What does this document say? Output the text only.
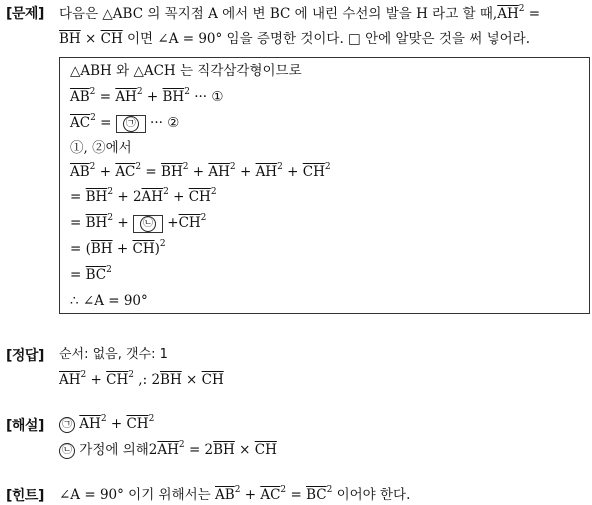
[문제] 다음은 △ABC 의 꼭지점 A 에서 변 BC 에 내린 수선의 발을 H 라고 할 때$,\overline{AH}^2$ =
$\overline{BH} \times \overline{CH}$ 이면 ∠A = 90° 임을 증명한 것이다. □ 안에 알맞은 것을 써 넣어라.
△ABH 와 △ACH 는 직각삼각형이므로
$\overline{AB}^2 = \overline{AH}^2 + \overline{BH}^2$ ··· ①
$\overline{AC}^2$ = ㉠ ··· ②
①, ②에서
$\overline{AB}^2 + \overline{AC}^2 = \overline{BH}^2 + \overline{AH}^2 + \overline{AH}^2 + \overline{CH}^2$
= $\overline{BH}^2 + 2\overline{AH}^2 + \overline{CH}^2$
= $\overline{BH}^2$ + ㉡ $+\overline{CH}^2$
= $(\overline{BH} + \overline{CH})^2$
= $\overline{BC}^2$
∴ ∠A = 90°
[정답] 순서: 없음, 갯수: 1
$\overline{AH}^2 + \overline{CH}^2$ ,: $2\overline{BH} \times \overline{CH}$
[해설]	㉠ $\overline{AH}^2 + \overline{CH}^2$
㉡ 가정에 의해$2\overline{AH}^2 = 2\overline{BH} \times \overline{CH}$
[힌트] ∠A = 90° 이기 위해서는 $\overline{AB}^2 + \overline{AC}^2 = \overline{BC}^2$ 이어야 한다.
